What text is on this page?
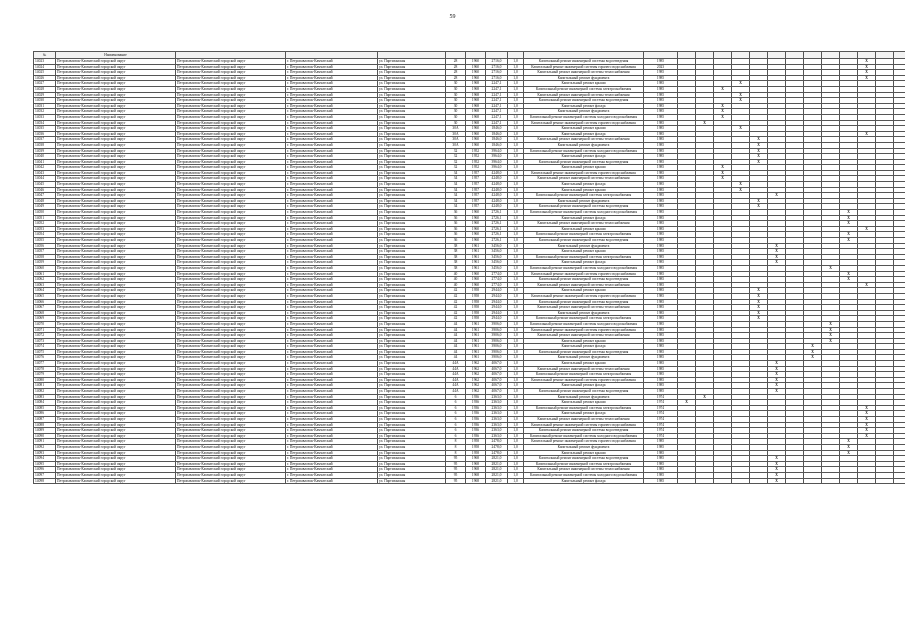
59
№	Наименование																							
14023	Петропавловск-Камчатский городской округ	Петропавловск-Камчатский городской округ	г. Петропавловск-Камчатский	ул. Партизанская	28	1960	2716,0	1,0	Капитальный ремонт инженерной системы водоотведения	1985											X			
14024	Петропавловск-Камчатский городской округ	Петропавловск-Камчатский городской округ	г. Петропавловск-Камчатский	ул. Партизанская	28	1960	2716,0	1,0	Капитальный ремонт инженерной системы горячего водоснабжения	2023											X			
14025	Петропавловск-Камчатский городской округ	Петропавловск-Камчатский городской округ	г. Петропавловск-Камчатский	ул. Партизанская	28	1960	2716,0	1,0	Капитальный ремонт инженерной системы теплоснабжения	1985											X			
14026	Петропавловск-Камчатский городской округ	Петропавловск-Камчатский городской округ	г. Петропавловск-Камчатский	ул. Партизанская	28	1960	2716,0	1,0	Капитальный ремонт фундамента	1985											X			
14027	Петропавловск-Камчатский городской округ	Петропавловск-Камчатский городской округ	г. Петропавловск-Камчатский	ул. Партизанская	30	1968	2247,1	1,0	Капитальный ремонт крыши	1985				X										
14028	Петропавловск-Камчатский городской округ	Петропавловск-Камчатский городской округ	г. Петропавловск-Камчатский	ул. Партизанская	30	1968	2247,1	1,0	Капитальный ремонт инженерной системы электроснабжения	1985			X											
14029	Петропавловск-Камчатский городской округ	Петропавловск-Камчатский городской округ	г. Петропавловск-Камчатский	ул. Партизанская	30	1968	2247,1	1,0	Капитальный ремонт инженерной системы теплоснабжения	1985				X										
14030	Петропавловск-Камчатский городской округ	Петропавловск-Камчатский городской округ	г. Петропавловск-Камчатский	ул. Партизанская	30	1968	2247,1	1,0	Капитальный ремонт инженерной системы водоотведения	1985				X										
14031	Петропавловск-Камчатский городской округ	Петропавловск-Камчатский городской округ	г. Петропавловск-Камчатский	ул. Партизанская	30	1968	2247,1	1,0	Капитальный ремонт фасада	1985			X											
14032	Петропавловск-Камчатский городской округ	Петропавловск-Камчатский городской округ	г. Петропавловск-Камчатский	ул. Партизанская	30	1968	2247,1	1,0	Капитальный ремонт фундамента	1985			X											
14033	Петропавловск-Камчатский городской округ	Петропавловск-Камчатский городской округ	г. Петропавловск-Камчатский	ул. Партизанская	30	1968	2247,1	1,0	Капитальный ремонт инженерной системы холодного водоснабжения	1985			X											
14034	Петропавловск-Камчатский городской округ	Петропавловск-Камчатский городской округ	г. Петропавловск-Камчатский	ул. Партизанская	30	1968	2247,1	1,0	Капитальный ремонт инженерной системы горячего водоснабжения	1985		X												
14035	Петропавловск-Камчатский городской округ	Петропавловск-Камчатский городской округ	г. Петропавловск-Камчатский	ул. Партизанская	30А	1960	1846,0	1,0	Капитальный ремонт крыши	1985				X										
14036	Петропавловск-Камчатский городской округ	Петропавловск-Камчатский городской округ	г. Петропавловск-Камчатский	ул. Партизанская	30А	1960	1846,0	1,0	Капитальный ремонт фасада	1985											X			
14037	Петропавловск-Камчатский городской округ	Петропавловск-Камчатский городской округ	г. Петропавловск-Камчатский	ул. Партизанская	30А	1960	1846,0	1,0	Капитальный ремонт инженерной системы теплоснабжения	1985					X									
14038	Петропавловск-Камчатский городской округ	Петропавловск-Камчатский городской округ	г. Петропавловск-Камчатский	ул. Партизанская	30А	1960	1846,0	1,0	Капитальный ремонт фундамента	1985					X									
14039	Петропавловск-Камчатский городской округ	Петропавловск-Камчатский городской округ	г. Петропавловск-Камчатский	ул. Партизанская	32	1952	3964,0	1,0	Капитальный ремонт инженерной системы холодного водоснабжения	1985					X									
14040	Петропавловск-Камчатский городской округ	Петропавловск-Камчатский городской округ	г. Петропавловск-Камчатский	ул. Партизанская	32	1952	3964,0	1,0	Капитальный ремонт фасада	1985					X									
14041	Петропавловск-Камчатский городской округ	Петропавловск-Камчатский городской округ	г. Петропавловск-Камчатский	ул. Партизанская	32	1952	3964,0	1,0	Капитальный ремонт инженерной системы водоотведения	1985					X									
14042	Петропавловск-Камчатский городской округ	Петропавловск-Камчатский городской округ	г. Петропавловск-Камчатский	ул. Партизанская	32	1952	3964,0	1,0	Капитальный ремонт крыши	1985			X											
14043	Петропавловск-Камчатский городской округ	Петропавловск-Камчатский городской округ	г. Петропавловск-Камчатский	ул. Партизанская	34	1957	4248,0	1,0	Капитальный ремонт инженерной системы горячего водоснабжения	1985			X											
14044	Петропавловск-Камчатский городской округ	Петропавловск-Камчатский городской округ	г. Петропавловск-Камчатский	ул. Партизанская	34	1957	4248,0	1,0	Капитальный ремонт инженерной системы теплоснабжения	1985			X											
14045	Петропавловск-Камчатский городской округ	Петропавловск-Камчатский городской округ	г. Петропавловск-Камчатский	ул. Партизанская	34	1957	4248,0	1,0	Капитальный ремонт фасада	1985				X										
14046	Петропавловск-Камчатский городской округ	Петропавловск-Камчатский городской округ	г. Петропавловск-Камчатский	ул. Партизанская	34	1957	4248,0	1,0	Капитальный ремонт крыши	1985				X										
14047	Петропавловск-Камчатский городской округ	Петропавловск-Камчатский городской округ	г. Петропавловск-Камчатский	ул. Партизанская	34	1957	4248,0	1,0	Капитальный ремонт инженерной системы электроснабжения	1985						X								
14048	Петропавловск-Камчатский городской округ	Петропавловск-Камчатский городской округ	г. Петропавловск-Камчатский	ул. Партизанская	34	1957	4248,0	1,0	Капитальный ремонт фундамента	1985					X									
14049	Петропавловск-Камчатский городской округ	Петропавловск-Камчатский городской округ	г. Петропавловск-Камчатский	ул. Партизанская	34	1957	4248,0	1,0	Капитальный ремонт инженерной системы водоотведения	1985					X									
14050	Петропавловск-Камчатский городской округ	Петропавловск-Камчатский городской округ	г. Петропавловск-Камчатский	ул. Партизанская	36	1960	2726,1	1,0	Капитальный ремонт инженерной системы холодного водоснабжения	1985										X				
14051	Петропавловск-Камчатский городской округ	Петропавловск-Камчатский городской округ	г. Петропавловск-Камчатский	ул. Партизанская	36	1960	2726,1	1,0	Капитальный ремонт фасада	1985										X				
14052	Петропавловск-Камчатский городской округ	Петропавловск-Камчатский городской округ	г. Петропавловск-Камчатский	ул. Партизанская	36	1960	2726,1	1,0	Капитальный ремонт инженерной системы теплоснабжения	1985										X				
14053	Петропавловск-Камчатский городской округ	Петропавловск-Камчатский городской округ	г. Петропавловск-Камчатский	ул. Партизанская	36	1960	2726,1	1,0	Капитальный ремонт крыши	1985											X			
14054	Петропавловск-Камчатский городской округ	Петропавловск-Камчатский городской округ	г. Петропавловск-Камчатский	ул. Партизанская	36	1960	2726,1	1,0	Капитальный ремонт инженерной системы электроснабжения	1985										X				
14055	Петропавловск-Камчатский городской округ	Петропавловск-Камчатский городской округ	г. Петропавловск-Камчатский	ул. Партизанская	36	1960	2726,1	1,0	Капитальный ремонт инженерной системы водоотведения	1985										X				
14056	Петропавловск-Камчатский городской округ	Петропавловск-Камчатский городской округ	г. Петропавловск-Камчатский	ул. Партизанская	38	1961	3456,0	1,0	Капитальный ремонт фундамента	1985						X								
14057	Петропавловск-Камчатский городской округ	Петропавловск-Камчатский городской округ	г. Петропавловск-Камчатский	ул. Партизанская	38	1961	3456,0	1,0	Капитальный ремонт крыши	1985						X								
14058	Петропавловск-Камчатский городской округ	Петропавловск-Камчатский городской округ	г. Петропавловск-Камчатский	ул. Партизанская	38	1961	3456,0	1,0	Капитальный ремонт инженерной системы электроснабжения	1985						X								
14059	Петропавловск-Камчатский городской округ	Петропавловск-Камчатский городской округ	г. Петропавловск-Камчатский	ул. Партизанская	38	1961	3456,0	1,0	Капитальный ремонт фасада	1985						X								
14060	Петропавловск-Камчатский городской округ	Петропавловск-Камчатский городской округ	г. Петропавловск-Камчатский	ул. Партизанская	38	1961	3456,0	1,0	Капитальный ремонт инженерной системы холодного водоснабжения	1985									X					
14061	Петропавловск-Камчатский городской округ	Петропавловск-Камчатский городской округ	г. Петропавловск-Камчатский	ул. Партизанская	40	1960	2774,0	1,0	Капитальный ремонт инженерной системы горячего водоснабжения	1985										X				
14062	Петропавловск-Камчатский городской округ	Петропавловск-Камчатский городской округ	г. Петропавловск-Камчатский	ул. Партизанская	40	1960	2774,0	1,0	Капитальный ремонт инженерной системы водоотведения	1985										X				
14063	Петропавловск-Камчатский городской округ	Петропавловск-Камчатский городской округ	г. Петропавловск-Камчатский	ул. Партизанская	40	1960	2774,0	1,0	Капитальный ремонт инженерной системы теплоснабжения	1985											X			
14064	Петропавловск-Камчатский городской округ	Петропавловск-Камчатский городской округ	г. Петропавловск-Камчатский	ул. Партизанская	42	1958	2944,0	1,0	Капитальный ремонт крыши	1985					X									
14065	Петропавловск-Камчатский городской округ	Петропавловск-Камчатский городской округ	г. Петропавловск-Камчатский	ул. Партизанская	42	1958	2944,0	1,0	Капитальный ремонт инженерной системы горячего водоснабжения	1985					X									
14066	Петропавловск-Камчатский городской округ	Петропавловск-Камчатский городской округ	г. Петропавловск-Камчатский	ул. Партизанская	42	1958	2944,0	1,0	Капитальный ремонт инженерной системы водоотведения	1985					X									
14067	Петропавловск-Камчатский городской округ	Петропавловск-Камчатский городской округ	г. Петропавловск-Камчатский	ул. Партизанская	42	1958	2944,0	1,0	Капитальный ремонт инженерной системы теплоснабжения	1985					X									
14068	Петропавловск-Камчатский городской округ	Петропавловск-Камчатский городской округ	г. Петропавловск-Камчатский	ул. Партизанская	42	1958	2944,0	1,0	Капитальный ремонт фундамента	1985					X									
14069	Петропавловск-Камчатский городской округ	Петропавловск-Камчатский городской округ	г. Петропавловск-Камчатский	ул. Партизанская	42	1958	2944,0	1,0	Капитальный ремонт инженерной системы электроснабжения	1985					X									
14070	Петропавловск-Камчатский городской округ	Петропавловск-Камчатский городской округ	г. Петропавловск-Камчатский	ул. Партизанская	44	1961	3906,0	1,0	Капитальный ремонт инженерной системы холодного водоснабжения	1985									X					
14071	Петропавловск-Камчатский городской округ	Петропавловск-Камчатский городской округ	г. Петропавловск-Камчатский	ул. Партизанская	44	1961	3906,0	1,0	Капитальный ремонт инженерной системы горячего водоснабжения	1985									X					
14072	Петропавловск-Камчатский городской округ	Петропавловск-Камчатский городской округ	г. Петропавловск-Камчатский	ул. Партизанская	44	1961	3906,0	1,0	Капитальный ремонт инженерной системы теплоснабжения	1985									X					
14073	Петропавловск-Камчатский городской округ	Петропавловск-Камчатский городской округ	г. Петропавловск-Камчатский	ул. Партизанская	44	1961	3906,0	1,0	Капитальный ремонт крыши	1985									X					
14074	Петропавловск-Камчатский городской округ	Петропавловск-Камчатский городской округ	г. Петропавловск-Камчатский	ул. Партизанская	44	1961	3906,0	1,0	Капитальный ремонт фасада	1985								X						
14075	Петропавловск-Камчатский городской округ	Петропавловск-Камчатский городской округ	г. Петропавловск-Камчатский	ул. Партизанская	44	1961	3906,0	1,0	Капитальный ремонт инженерной системы водоотведения	1985								X						
14076	Петропавловск-Камчатский городской округ	Петропавловск-Камчатский городской округ	г. Петропавловск-Камчатский	ул. Партизанская	44	1961	3906,0	1,0	Капитальный ремонт фундамента	1985								X						
14077	Петропавловск-Камчатский городской округ	Петропавловск-Камчатский городской округ	г. Петропавловск-Камчатский	ул. Партизанская	44А	1962	4067,0	1,0	Капитальный ремонт крыши	1985						X								
14078	Петропавловск-Камчатский городской округ	Петропавловск-Камчатский городской округ	г. Петропавловск-Камчатский	ул. Партизанская	44А	1962	4067,0	1,0	Капитальный ремонт инженерной системы теплоснабжения	1985						X								
14079	Петропавловск-Камчатский городской округ	Петропавловск-Камчатский городской округ	г. Петропавловск-Камчатский	ул. Партизанская	44А	1962	4067,0	1,0	Капитальный ремонт инженерной системы электроснабжения	1985						X								
14080	Петропавловск-Камчатский городской округ	Петропавловск-Камчатский городской округ	г. Петропавловск-Камчатский	ул. Партизанская	44А	1962	4067,0	1,0	Капитальный ремонт инженерной системы горячего водоснабжения	1985						X								
14081	Петропавловск-Камчатский городской округ	Петропавловск-Камчатский городской округ	г. Петропавловск-Камчатский	ул. Партизанская	44А	1962	4067,0	1,0	Капитальный ремонт фасада	1985						X								
14082	Петропавловск-Камчатский городской округ	Петропавловск-Камчатский городской округ	г. Петропавловск-Камчатский	ул. Партизанская	44А	1962	4067,0	1,0	Капитальный ремонт инженерной системы водоотведения	1985						X								
14083	Петропавловск-Камчатский городской округ	Петропавловск-Камчатский городской округ	г. Петропавловск-Камчатский	ул. Партизанская	6	1936	2363,0	1,0	Капитальный ремонт фундамента	1974		X												
14084	Петропавловск-Камчатский городской округ	Петропавловск-Камчатский городской округ	г. Петропавловск-Камчатский	ул. Партизанская	6	1936	2363,0	1,0	Капитальный ремонт крыши	1974	X													
14085	Петропавловск-Камчатский городской округ	Петропавловск-Камчатский городской округ	г. Петропавловск-Камчатский	ул. Партизанская	6	1936	2363,0	1,0	Капитальный ремонт инженерной системы электроснабжения	1974											X			
14086	Петропавловск-Камчатский городской округ	Петропавловск-Камчатский городской округ	г. Петропавловск-Камчатский	ул. Партизанская	6	1936	2363,0	1,0	Капитальный ремонт фасада	1974											X			
14087	Петропавловск-Камчатский городской округ	Петропавловск-Камчатский городской округ	г. Петропавловск-Камчатский	ул. Партизанская	6	1936	2363,0	1,0	Капитальный ремонт инженерной системы теплоснабжения	1974											X			
14088	Петропавловск-Камчатский городской округ	Петропавловск-Камчатский городской округ	г. Петропавловск-Камчатский	ул. Партизанская	6	1936	2363,0	1,0	Капитальный ремонт инженерной системы горячего водоснабжения	1974											X			
14089	Петропавловск-Камчатский городской округ	Петропавловск-Камчатский городской округ	г. Петропавловск-Камчатский	ул. Партизанская	6	1936	2363,0	1,0	Капитальный ремонт инженерной системы водоотведения	1974											X			
14090	Петропавловск-Камчатский городской округ	Петропавловск-Камчатский городской округ	г. Петропавловск-Камчатский	ул. Партизанская	6	1936	2363,0	1,0	Капитальный ремонт инженерной системы холодного водоснабжения	1974											X			
14091	Петропавловск-Камчатский городской округ	Петропавловск-Камчатский городской округ	г. Петропавловск-Камчатский	ул. Партизанская	8	1958	2478,0	1,0	Капитальный ремонт инженерной системы горячего водоснабжения	1985										X				
14092	Петропавловск-Камчатский городской округ	Петропавловск-Камчатский городской округ	г. Петропавловск-Камчатский	ул. Партизанская	8	1958	2478,0	1,0	Капитальный ремонт фундамента	1985										X				
14093	Петропавловск-Камчатский городской округ	Петропавловск-Камчатский городской округ	г. Петропавловск-Камчатский	ул. Партизанская	8	1958	2478,0	1,0	Капитальный ремонт крыши	1985										X				
14094	Петропавловск-Камчатский городской округ	Петропавловск-Камчатский городской округ	г. Петропавловск-Камчатский	ул. Партизанская	95	1968	2821,0	1,0	Капитальный ремонт инженерной системы водоотведения	1985						X								
14095	Петропавловск-Камчатский городской округ	Петропавловск-Камчатский городской округ	г. Петропавловск-Камчатский	ул. Партизанская	95	1968	2821,0	1,0	Капитальный ремонт инженерной системы электроснабжения	1985						X								
14096	Петропавловск-Камчатский городской округ	Петропавловск-Камчатский городской округ	г. Петропавловск-Камчатский	ул. Партизанская	95	1968	2821,0	1,0	Капитальный ремонт инженерной системы теплоснабжения	1985						X								
14097	Петропавловск-Камчатский городской округ	Петропавловск-Камчатский городской округ	г. Петропавловск-Камчатский	ул. Партизанская	95	1968	2821,0	1,0	Капитальный ремонт инженерной системы холодного водоснабжения	1985						X								
14098	Петропавловск-Камчатский городской округ	Петропавловск-Камчатский городской округ	г. Петропавловск-Камчатский	ул. Партизанская	95	1968	2821,0	1,0	Капитальный ремонт фасада	1985						X								
